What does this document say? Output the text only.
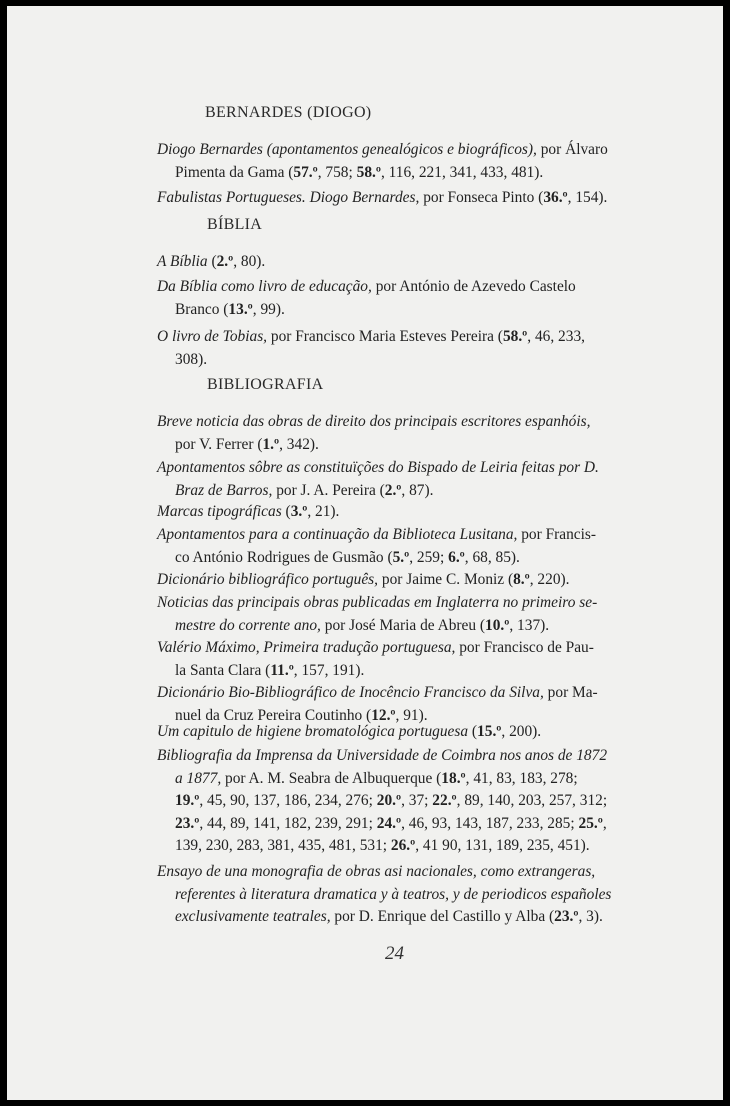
BERNARDES (DIOGO)
Diogo Bernardes (apontamentos genealógicos e biográficos), por Álvaro
Pimenta da Gama (57.º, 758; 58.º, 116, 221, 341, 433, 481).
Fabulistas Portugueses. Diogo Bernardes, por Fonseca Pinto (36.º, 154).
BÍBLIA
A Bíblia (2.º, 80).
Da Bíblia como livro de educação, por António de Azevedo Castelo
Branco (13.º, 99).
O livro de Tobias, por Francisco Maria Esteves Pereira (58.º, 46, 233,
308).
BIBLIOGRAFIA
Breve noticia das obras de direito dos principais escritores espanhóis,
por V. Ferrer (1.º, 342).
Apontamentos sôbre as constituïções do Bispado de Leiria feitas por D.
Braz de Barros, por J. A. Pereira (2.º, 87).
Marcas tipográficas (3.º, 21).
Apontamentos para a continuação da Biblioteca Lusitana, por Francis-
co António Rodrigues de Gusmão (5.º, 259; 6.º, 68, 85).
Dicionário bibliográfico português, por Jaime C. Moniz (8.º, 220).
Noticias das principais obras publicadas em Inglaterra no primeiro se-
mestre do corrente ano, por José Maria de Abreu (10.º, 137).
Valério Máximo, Primeira tradução portuguesa, por Francisco de Pau-
la Santa Clara (11.º, 157, 191).
Dicionário Bio-Bibliográfico de Inocêncio Francisco da Silva, por Ma-
nuel da Cruz Pereira Coutinho (12.º, 91).
Um capitulo de higiene bromatológica portuguesa (15.º, 200).
Bibliografia da Imprensa da Universidade de Coimbra nos anos de 1872
a 1877, por A. M. Seabra de Albuquerque (18.º, 41, 83, 183, 278;
19.º, 45, 90, 137, 186, 234, 276; 20.º, 37; 22.º, 89, 140, 203, 257, 312;
23.º, 44, 89, 141, 182, 239, 291; 24.º, 46, 93, 143, 187, 233, 285; 25.º,
139, 230, 283, 381, 435, 481, 531; 26.º, 41 90, 131, 189, 235, 451).
Ensayo de una monografia de obras asi nacionales, como extrangeras,
referentes à literatura dramatica y à teatros, y de periodicos españoles
exclusivamente teatrales, por D. Enrique del Castillo y Alba (23.º, 3).
24
